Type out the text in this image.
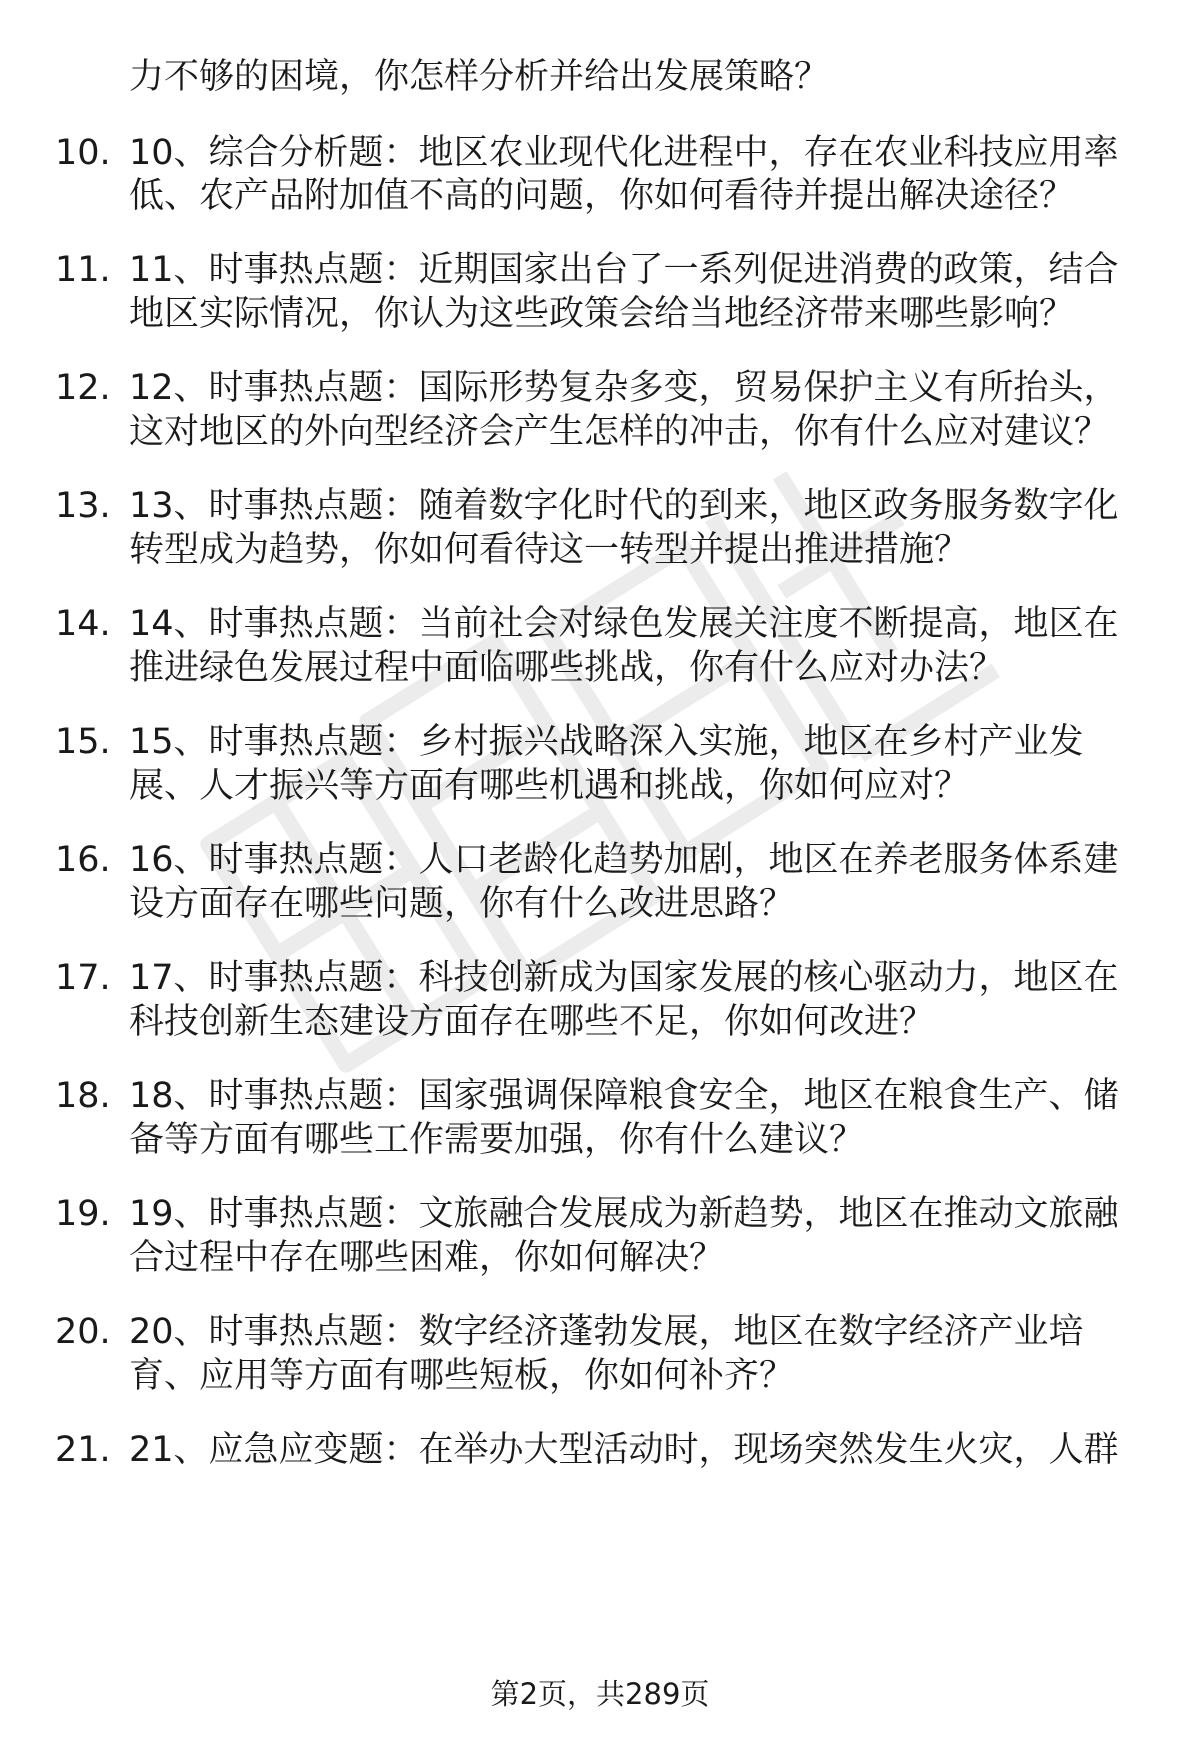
力不够的困境，你怎样分析并给出发展策略？
10. 10、综合分析题：地区农业现代化进程中，存在农业科技应用率
低、农产品附加值不高的问题，你如何看待并提出解决途径？
11. 11、时事热点题：近期国家出台了一系列促进消费的政策，结合
地区实际情况，你认为这些政策会给当地经济带来哪些影响？
12. 12、时事热点题：国际形势复杂多变，贸易保护主义有所抬头，
这对地区的外向型经济会产生怎样的冲击，你有什么应对建议？
13. 13、时事热点题：随着数字化时代的到来，地区政务服务数字化
转型成为趋势，你如何看待这一转型并提出推进措施？
14. 14、时事热点题：当前社会对绿色发展关注度不断提高，地区在
推进绿色发展过程中面临哪些挑战，你有什么应对办法？
15. 15、时事热点题：乡村振兴战略深入实施，地区在乡村产业发
展、人才振兴等方面有哪些机遇和挑战，你如何应对？
16. 16、时事热点题：人口老龄化趋势加剧，地区在养老服务体系建
设方面存在哪些问题，你有什么改进思路？
17. 17、时事热点题：科技创新成为国家发展的核心驱动力，地区在
科技创新生态建设方面存在哪些不足，你如何改进？
18. 18、时事热点题：国家强调保障粮食安全，地区在粮食生产、储
备等方面有哪些工作需要加强，你有什么建议？
19. 19、时事热点题：文旅融合发展成为新趋势，地区在推动文旅融
合过程中存在哪些困难，你如何解决？
20. 20、时事热点题：数字经济蓬勃发展，地区在数字经济产业培
育、应用等方面有哪些短板，你如何补齐？
21. 21、应急应变题：在举办大型活动时，现场突然发生火灾，人群
第2页，共289页
